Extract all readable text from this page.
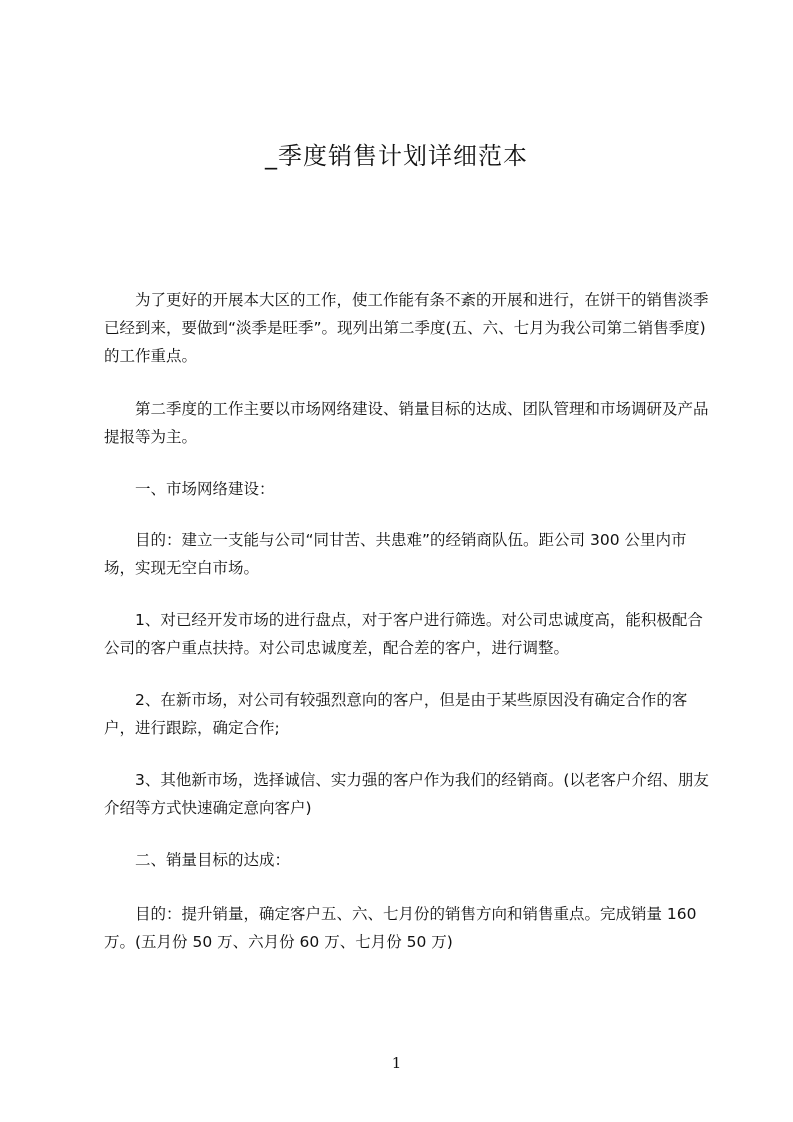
_季度销售计划详细范本

为了更好的开展本大区的工作，使工作能有条不紊的开展和进行，在饼干的销售淡季已经到来，要做到“淡季是旺季”。现列出第二季度(五、六、七月为我公司第二销售季度)的工作重点。

第二季度的工作主要以市场网络建设、销量目标的达成、团队管理和市场调研及产品提报等为主。

一、市场网络建设：

目的：建立一支能与公司“同甘苦、共患难”的经销商队伍。距公司 300 公里内市场，实现无空白市场。

1、对已经开发市场的进行盘点，对于客户进行筛选。对公司忠诚度高，能积极配合公司的客户重点扶持。对公司忠诚度差，配合差的客户，进行调整。

2、在新市场，对公司有较强烈意向的客户，但是由于某些原因没有确定合作的客户，进行跟踪，确定合作;

3、其他新市场，选择诚信、实力强的客户作为我们的经销商。(以老客户介绍、朋友介绍等方式快速确定意向客户)

二、销量目标的达成：

目的：提升销量，确定客户五、六、七月份的销售方向和销售重点。完成销量 160 万。(五月份 50 万、六月份 60 万、七月份 50 万)

1
